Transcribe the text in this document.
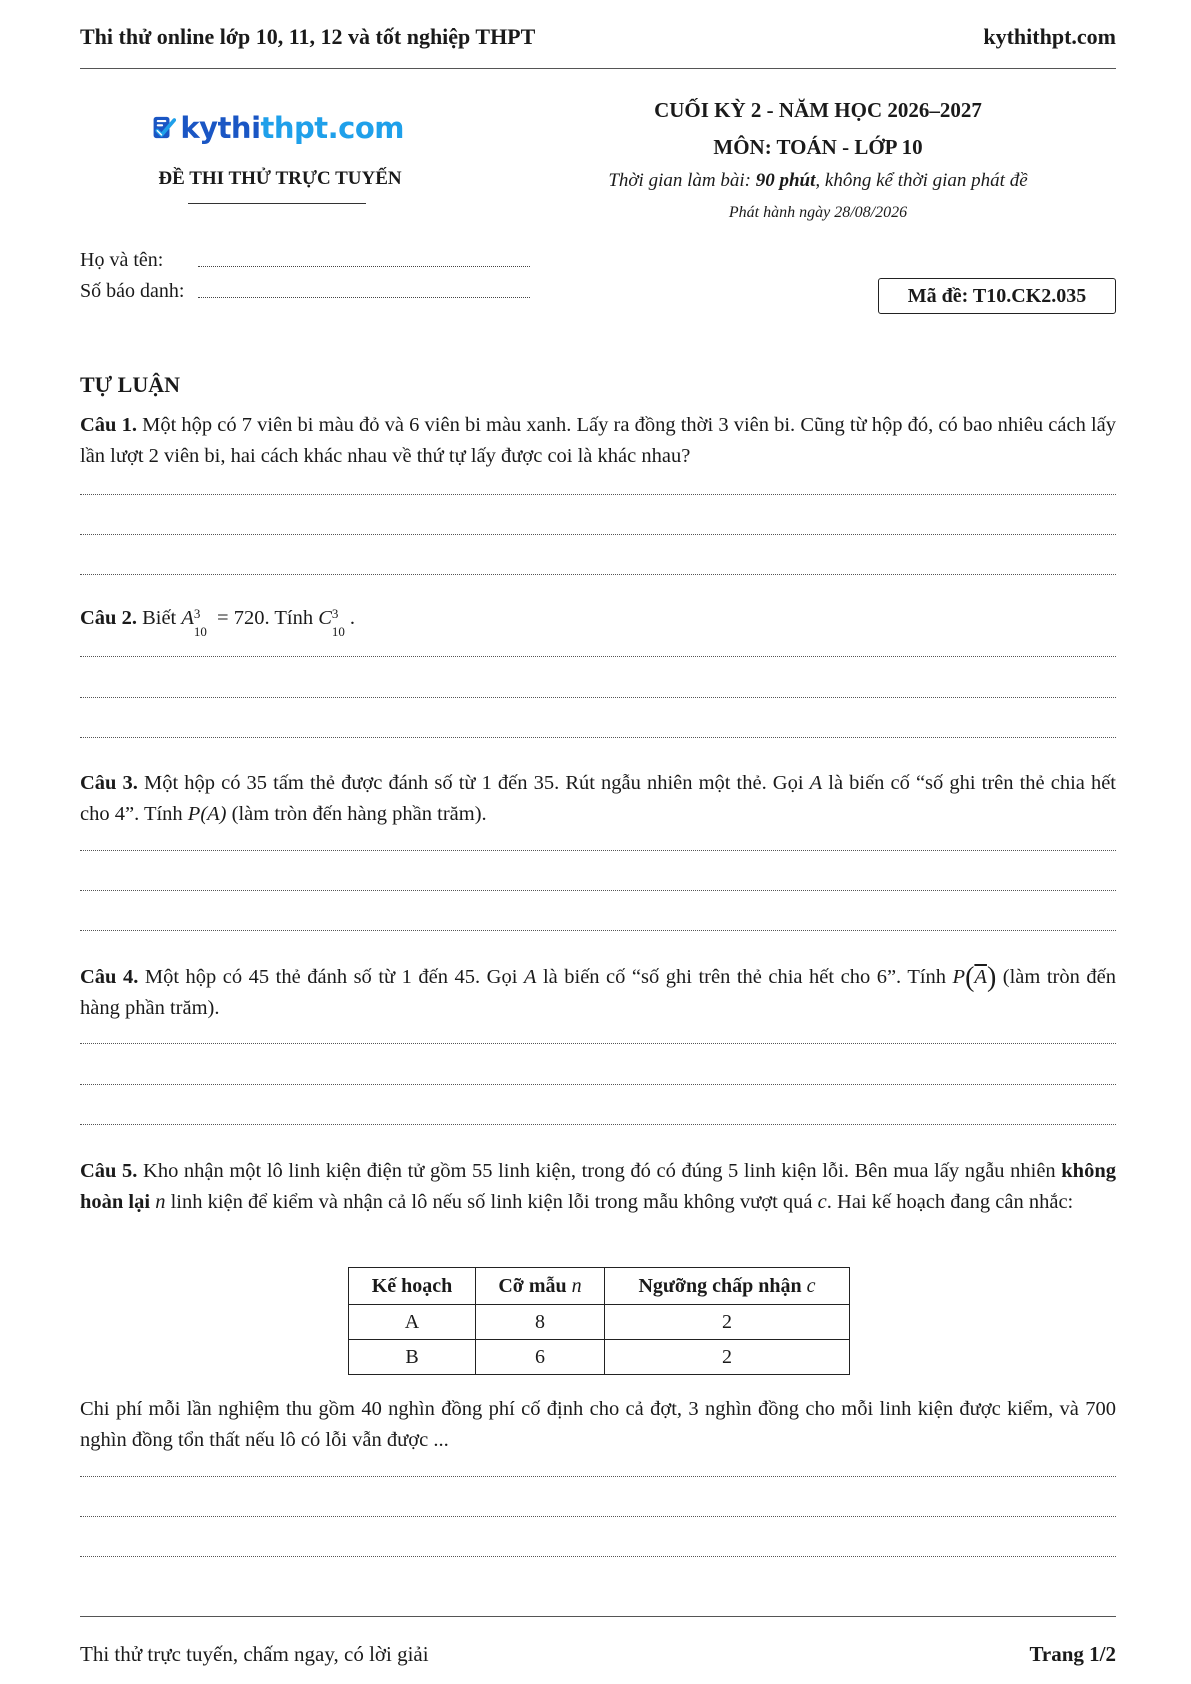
Thi thử online lớp 10, 11, 12 và tốt nghiệp THPT	kythithpt.com
kythithpt.com
ĐỀ THI THỬ TRỰC TUYẾN
CUỐI KỲ 2 - NĂM HỌC 2026–2027
MÔN: TOÁN - LỚP 10
Thời gian làm bài: 90 phút, không kể thời gian phát đề
Phát hành ngày 28/08/2026
Họ và tên:
Số báo danh:	Mã đề: T10.CK2.035
TỰ LUẬN
Câu 1. Một hộp có 7 viên bi màu đỏ và 6 viên bi màu xanh. Lấy ra đồng thời 3 viên bi. Cũng từ hộp đó, có bao nhiêu cách lấy lần lượt 2 viên bi, hai cách khác nhau về thứ tự lấy được coi là khác nhau?
Câu 2. Biết A 3
10
= 720. Tính C 3
10
.
Câu 3. Một hộp có 35 tấm thẻ được đánh số từ 1 đến 35. Rút ngẫu nhiên một thẻ. Gọi A là biến cố “số ghi trên thẻ chia hết cho 4”. Tính P(A) (làm tròn đến hàng phần trăm).
Câu 4. Một hộp có 45 thẻ đánh số từ 1 đến 45. Gọi A là biến cố “số ghi trên thẻ chia hết cho 6”. Tính $P(\overline{A})$ (làm tròn đến hàng phần trăm).
Câu 5. Kho nhận một lô linh kiện điện tử gồm 55 linh kiện, trong đó có đúng 5 linh kiện lỗi. Bên mua lấy ngẫu nhiên không hoàn lại n linh kiện để kiểm và nhận cả lô nếu số linh kiện lỗi trong mẫu không vượt quá c. Hai kế hoạch đang cân nhắc:
Kế hoạch	Cỡ mẫu n	Ngưỡng chấp nhận c
A	8	2
B	6	2
Chi phí mỗi lần nghiệm thu gồm 40 nghìn đồng phí cố định cho cả đợt, 3 nghìn đồng cho mỗi linh kiện được kiểm, và 700 nghìn đồng tổn thất nếu lô có lỗi vẫn được ...
Thi thử trực tuyến, chấm ngay, có lời giải	Trang 1/2
